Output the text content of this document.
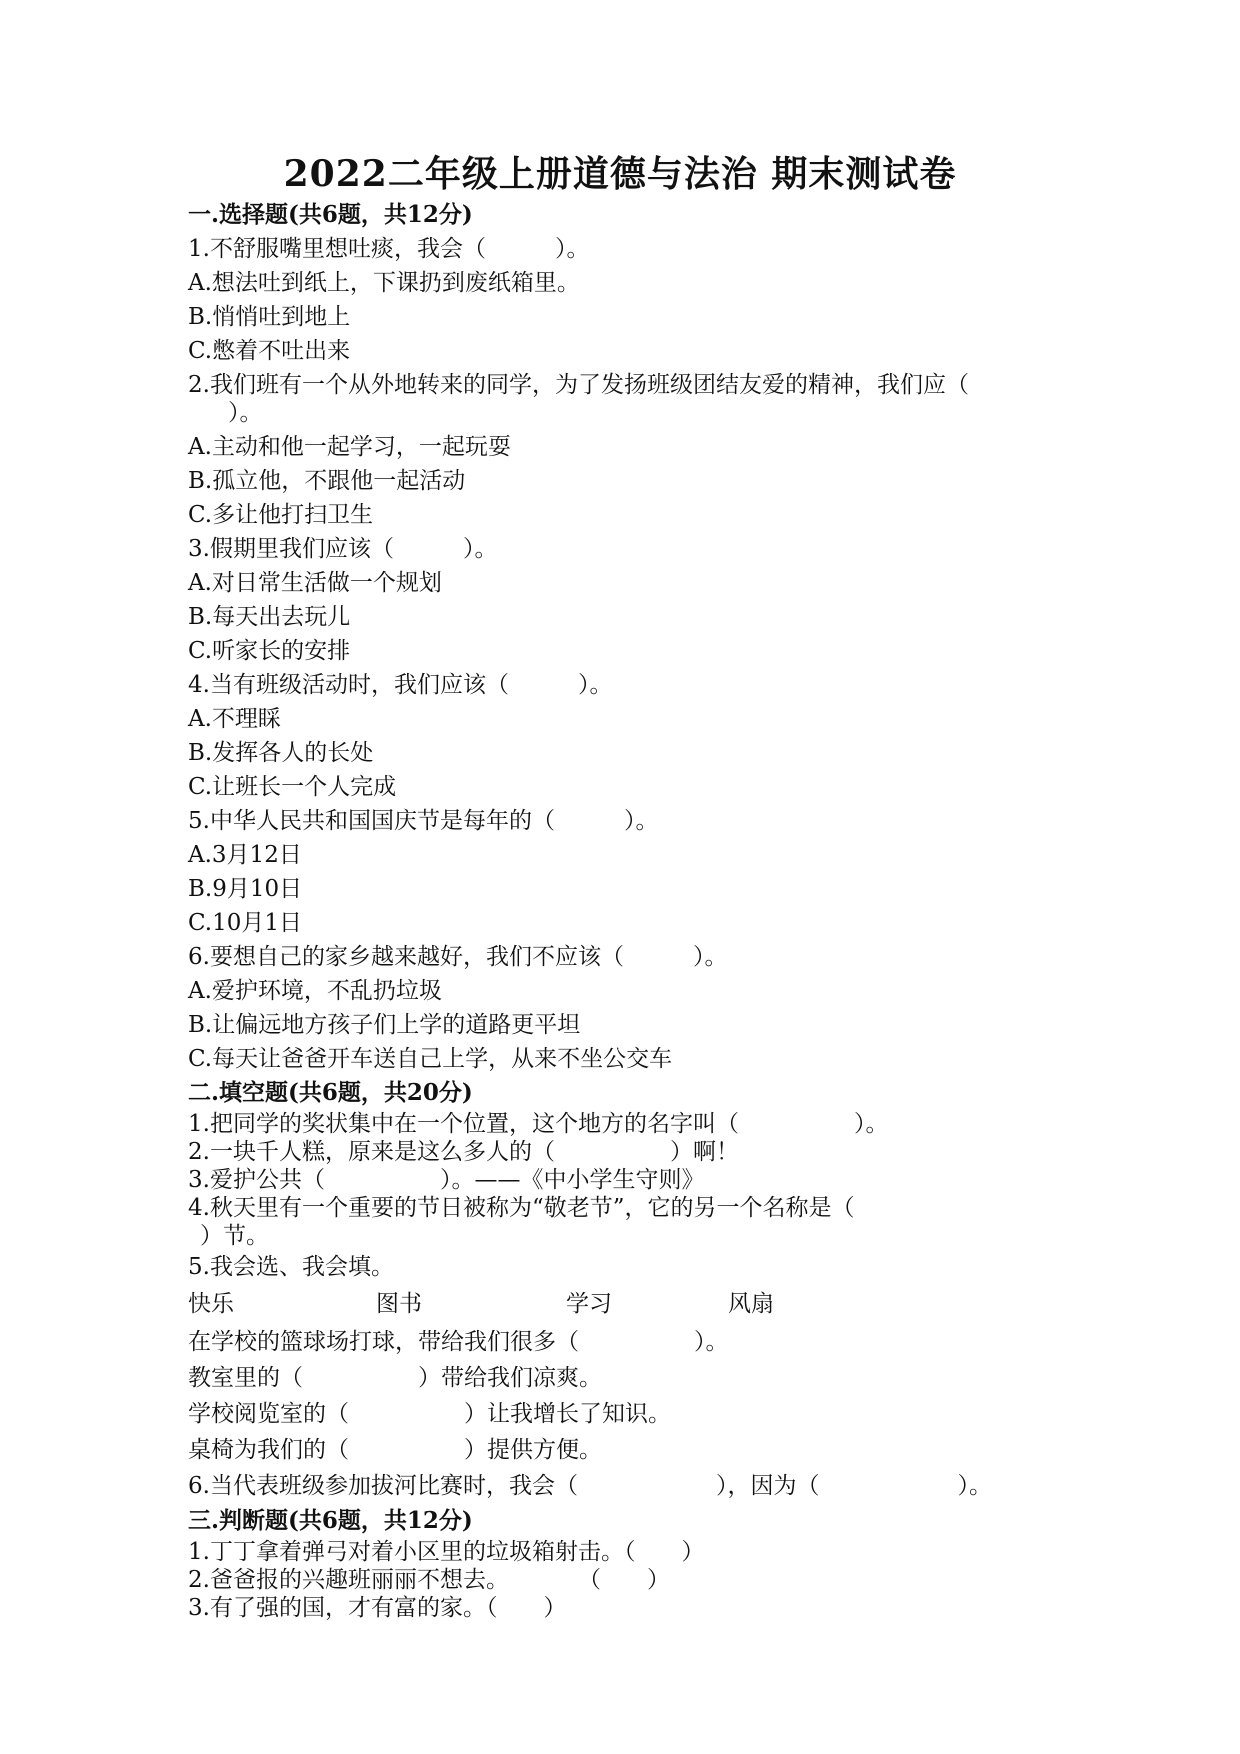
2022二年级上册道德与法治 期末测试卷
一.选择题(共6题，共12分)
1.不舒服嘴里想吐痰，我会（　　　）。
A.想法吐到纸上，下课扔到废纸箱里。
B.悄悄吐到地上
C.憋着不吐出来
2.我们班有一个从外地转来的同学，为了发扬班级团结友爱的精神，我们应（
）。
A.主动和他一起学习，一起玩耍
B.孤立他，不跟他一起活动
C.多让他打扫卫生
3.假期里我们应该（　　　）。
A.对日常生活做一个规划
B.每天出去玩儿
C.听家长的安排
4.当有班级活动时，我们应该（　　　）。
A.不理睬
B.发挥各人的长处
C.让班长一个人完成
5.中华人民共和国国庆节是每年的（　　　）。
A.3月12日
B.9月10日
C.10月1日
6.要想自己的家乡越来越好，我们不应该（　　　）。
A.爱护环境，不乱扔垃圾
B.让偏远地方孩子们上学的道路更平坦
C.每天让爸爸开车送自己上学，从来不坐公交车
二.填空题(共6题，共20分)
1.把同学的奖状集中在一个位置，这个地方的名字叫（　　　　　）。
2.一块千人糕，原来是这么多人的（　　　　　）啊！
3.爱护公共（　　　　　）。——《中小学生守则》
4.秋天里有一个重要的节日被称为“敬老节”，它的另一个名称是（
）节。
5.我会选、我会填。
快乐	图书	学习	风扇
在学校的篮球场打球，带给我们很多（　　　　　）。
教室里的（　　　　　）带给我们凉爽。
学校阅览室的（　　　　　）让我增长了知识。
桌椅为我们的（　　　　　）提供方便。
6.当代表班级参加拔河比赛时，我会（　　　　　　），因为（　　　　　　）。
三.判断题(共6题，共12分)
1.丁丁拿着弹弓对着小区里的垃圾箱射击。（　　）
2.爸爸报的兴趣班丽丽不想去。　　　　（　　）
3.有了强的国，才有富的家。（　　）
